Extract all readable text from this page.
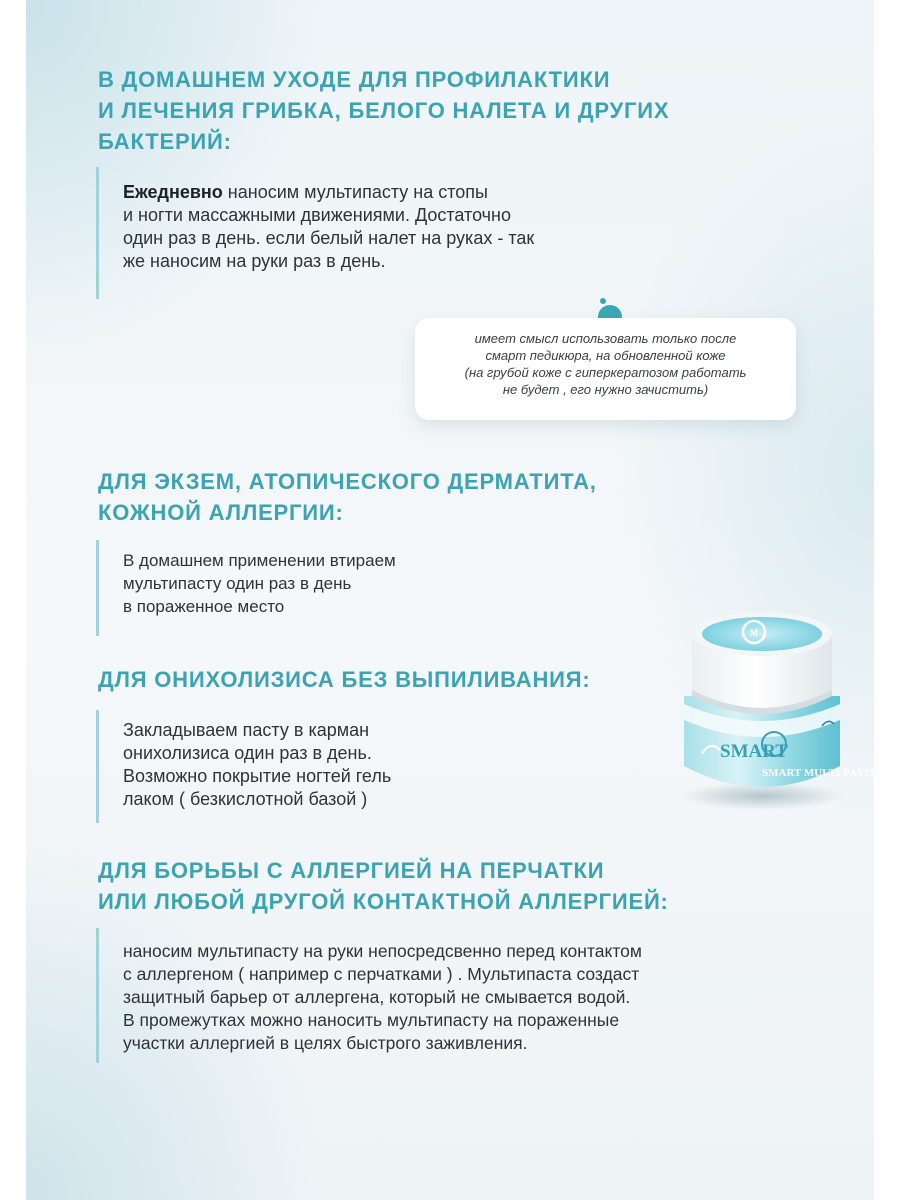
В ДОМАШНЕМ УХОДЕ ДЛЯ ПРОФИЛАКТИКИ
И ЛЕЧЕНИЯ ГРИБКА, БЕЛОГО НАЛЕТА И ДРУГИХ
БАКТЕРИЙ:

Ежедневно наносим мультипасту на стопы
и ногти массажными движениями. Достаточно
один раз в день. если белый налет на руках - так
же наносим на руки раз в день.

имеет смысл использовать только после
смарт педикюра, на обновленной коже
(на грубой коже с гиперкератозом работать
не будет , его нужно зачистить)
ДЛЯ ЭКЗЕМ, АТОПИЧЕСКОГО ДЕРМАТИТА,
КОЖНОЙ АЛЛЕРГИИ:

В домашнем применении втираем
мультипасту один раз в день
в пораженное место

ДЛЯ ОНИХОЛИЗИСА БЕЗ ВЫПИЛИВАНИЯ:

Закладываем пасту в карман
онихолизиса один раз в день.
Возможно покрытие ногтей гель
лаком ( безкислотной базой )

ДЛЯ БОРЬБЫ С АЛЛЕРГИЕЙ НА ПЕРЧАТКИ
ИЛИ ЛЮБОЙ ДРУГОЙ КОНТАКТНОЙ АЛЛЕРГИЕЙ:

наносим мультипасту на руки непосредсвенно перед контактом
с аллергеном ( например с перчатками ) . Мультипаста создаст
защитный барьер от аллергена, который не смывается водой.
В промежутках можно наносить мультипасту на пораженные
участки аллергией в целях быстрого заживления.

M
SMART
SMART MULTI PASTE
